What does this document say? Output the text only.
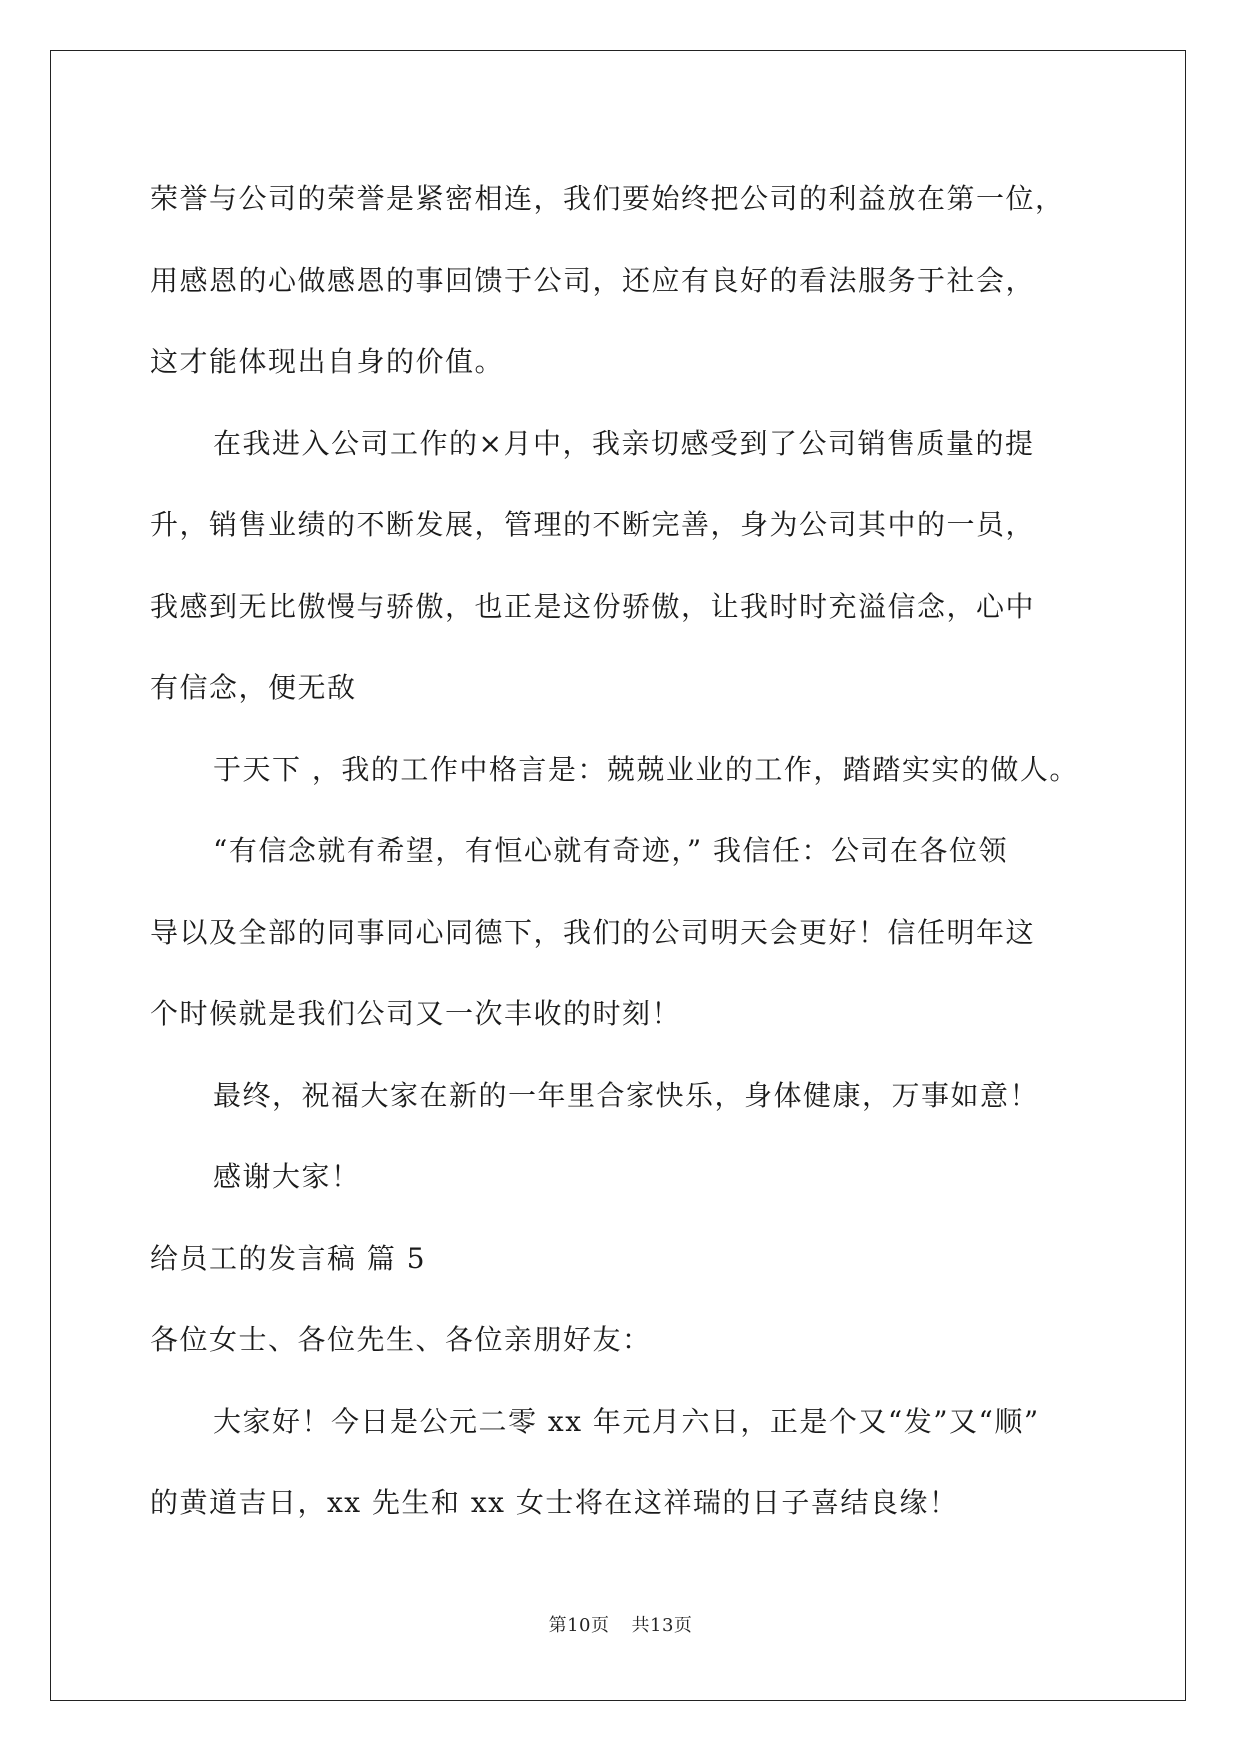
荣誉与公司的荣誉是紧密相连，我们要始终把公司的利益放在第一位，
用感恩的心做感恩的事回馈于公司，还应有良好的看法服务于社会，
这才能体现出自身的价值。
在我进入公司工作的×月中，我亲切感受到了公司销售质量的提
升，销售业绩的不断发展，管理的不断完善，身为公司其中的一员，
我感到无比傲慢与骄傲，也正是这份骄傲，让我时时充溢信念，心中
有信念，便无敌
于天下 ，我的工作中格言是：兢兢业业的工作，踏踏实实的做人。
“有信念就有希望，有恒心就有奇迹，” 我信任：公司在各位领
导以及全部的同事同心同德下，我们的公司明天会更好！信任明年这
个时候就是我们公司又一次丰收的时刻！
最终，祝福大家在新的一年里合家快乐，身体健康，万事如意！
感谢大家！
给员工的发言稿 篇 5
各位女士、各位先生、各位亲朋好友：
大家好！今日是公元二零 xx 年元月六日，正是个又“发”又“顺”
的黄道吉日，xx 先生和 xx 女士将在这祥瑞的日子喜结良缘！
第10页 共13页
